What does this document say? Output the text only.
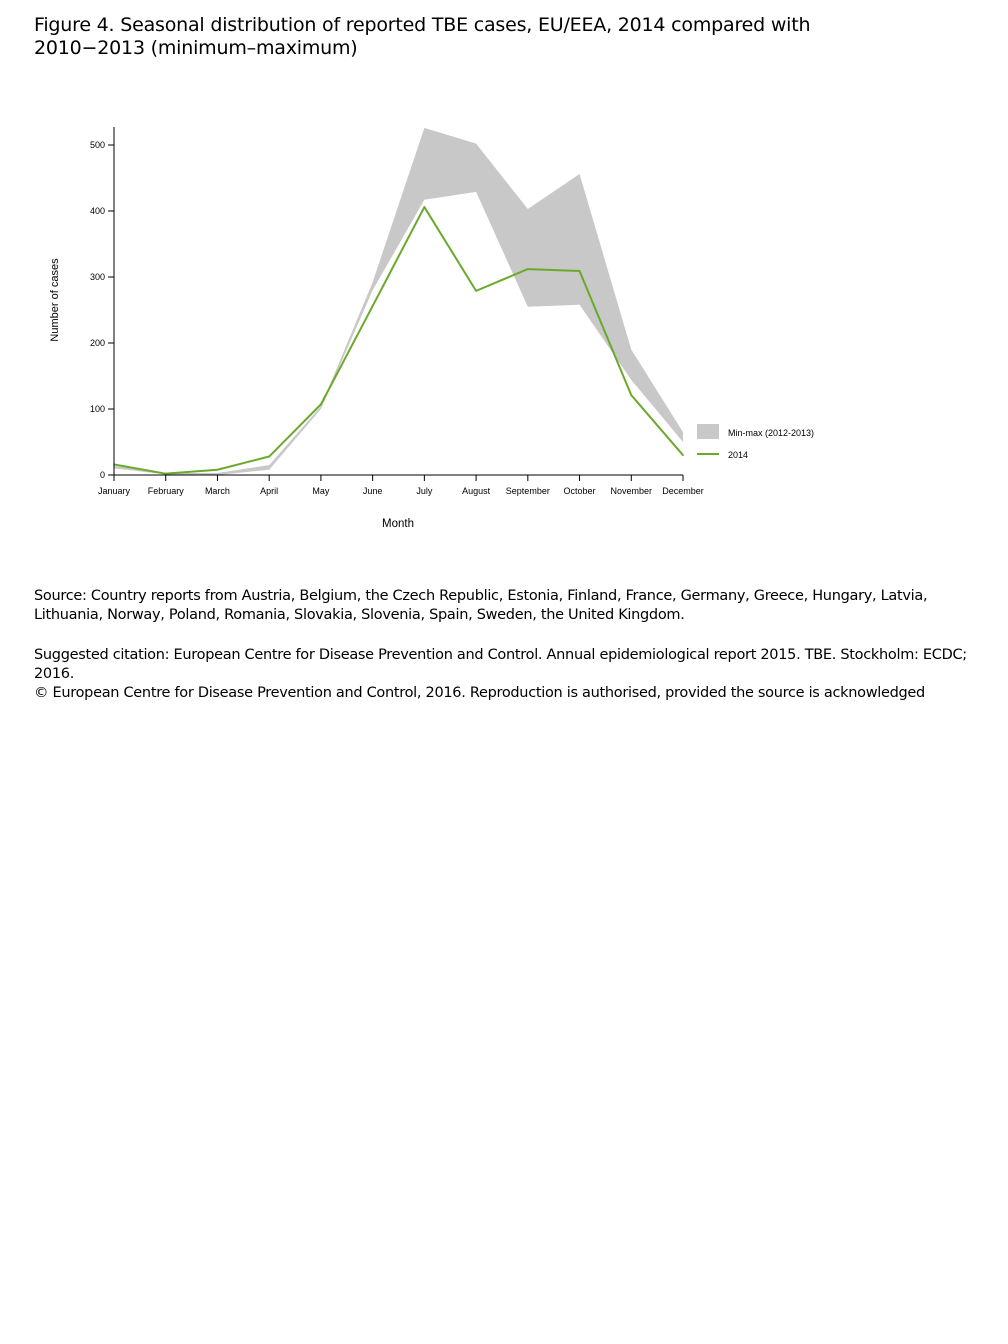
Figure 4. Seasonal distribution of reported TBE cases, EU/EEA, 2014 compared with
2010−2013 (minimum–maximum)
0
100
200
300
400
500
January February March	April	May	June	July	August September October November December
Min-max (2012-2013)
2014
Number of cases
Month
Source: Country reports from Austria, Belgium, the Czech Republic, Estonia, Finland, France, Germany, Greece, Hungary, Latvia, Lithuania, Norway, Poland, Romania, Slovakia, Slovenia, Spain, Sweden, the United Kingdom.
Suggested citation: European Centre for Disease Prevention and Control. Annual epidemiological report 2015. TBE. Stockholm: ECDC; 2016.
© European Centre for Disease Prevention and Control, 2016. Reproduction is authorised, provided the source is acknowledged
